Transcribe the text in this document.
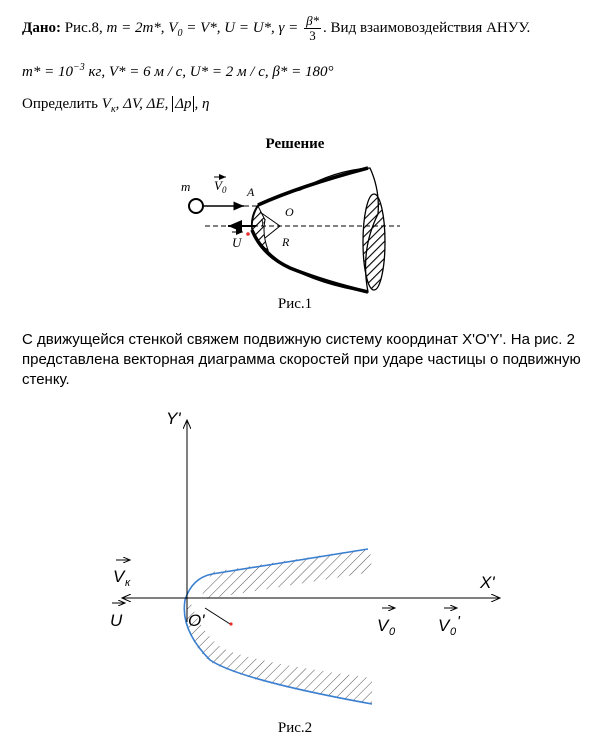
Дано: Рис.8, m = 2m*, $V_0 = V*$, U = U*, $\gamma = \frac{\beta*}{3}$ . Вид взаимовоздействия АНУУ.
$m* = 10^{-3}$ кг, V* = 6 м / с, U* = 2 м / с, β* = 180°
Определить $V_к$, ΔV, ΔE, Δp , η
Решение
m V 0 A
O
γ
R
U
Рис.1
С движущейся стенкой свяжем подвижную систему координат X'O'Y'. На рис. 2 представлена векторная диаграмма скоростей при ударе частицы о подвижную стенку.
Y'
X'
O'
V к
U	V 0	V 0
'
Рис.2
